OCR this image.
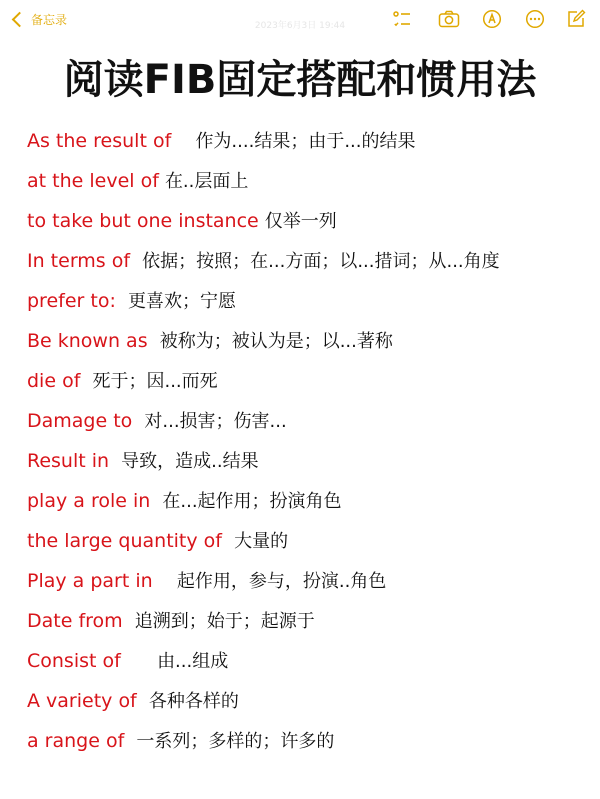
备忘录	2023年6月3日 19:44
阅读FIB固定搭配和惯用法
As the result of 作为....结果；由于...的结果
at the level of 在..层面上
to take but one instance 仅举一列
In terms of 依据；按照；在...方面；以...措词；从...角度
prefer to: 更喜欢；宁愿
Be known as 被称为；被认为是；以...著称
die of 死于；因...而死
Damage to 对...损害；伤害...
Result in 导致，造成..结果
play a role in 在...起作用；扮演角色
the large quantity of 大量的
Play a part in 起作用，参与，扮演..角色
Date from 追溯到；始于；起源于
Consist of 由...组成
A variety of 各种各样的
a range of 一系列；多样的；许多的
